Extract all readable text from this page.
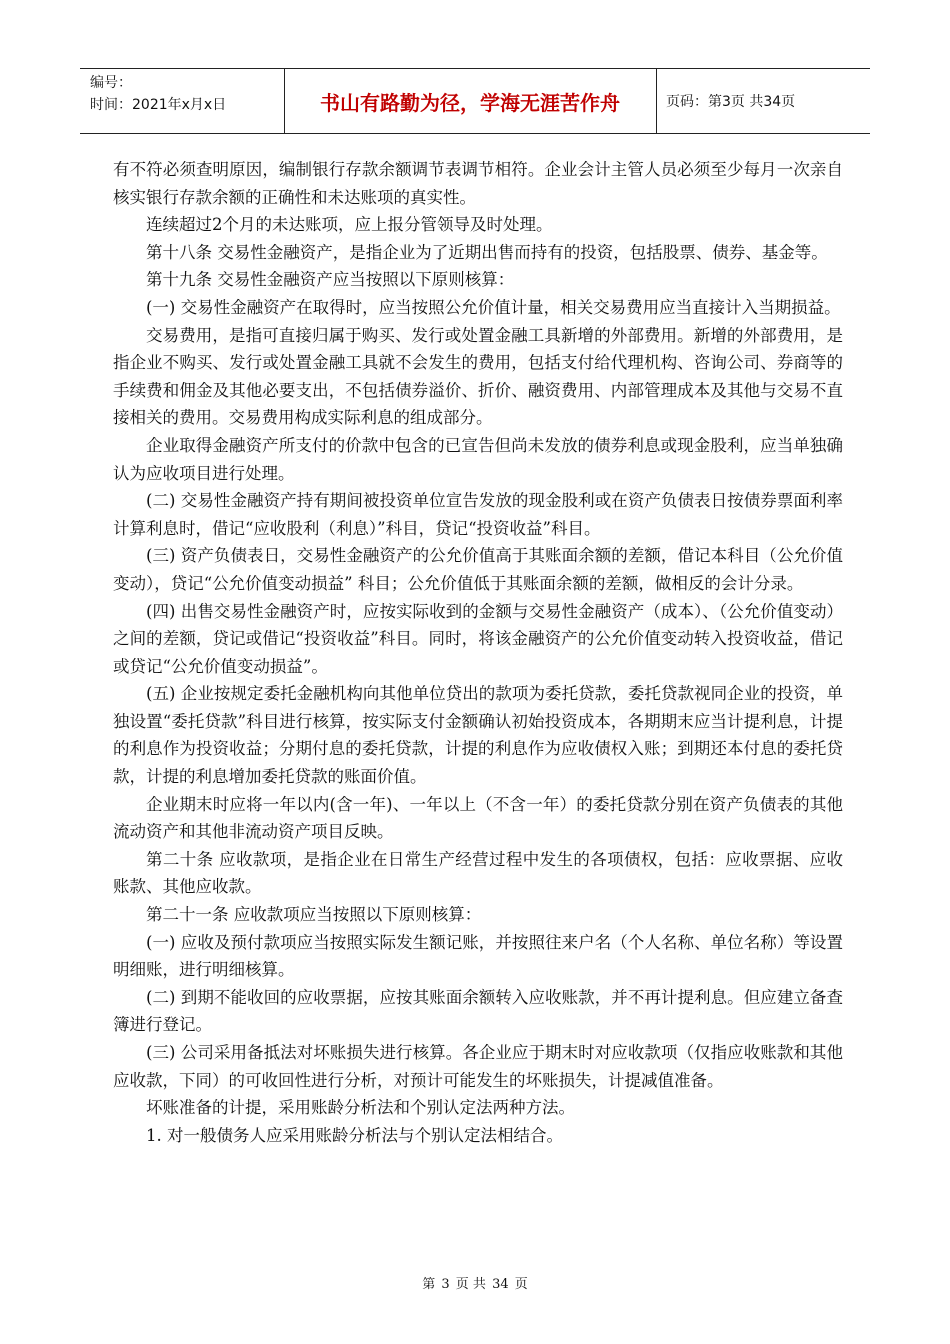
编号：
时间：2021年x月x日	书山有路勤为径，学海无涯苦作舟	页码：第3页 共34页

有不符必须查明原因，编制银行存款余额调节表调节相符。企业会计主管人员必须至少每月一次亲自核实银行存款余额的正确性和未达账项的真实性。

连续超过2个月的未达账项，应上报分管领导及时处理。

第十八条 交易性金融资产，是指企业为了近期出售而持有的投资，包括股票、债券、基金等。

第十九条 交易性金融资产应当按照以下原则核算：

(一) 交易性金融资产在取得时，应当按照公允价值计量，相关交易费用应当直接计入当期损益。

交易费用，是指可直接归属于购买、发行或处置金融工具新增的外部费用。新增的外部费用，是指企业不购买、发行或处置金融工具就不会发生的费用，包括支付给代理机构、咨询公司、券商等的手续费和佣金及其他必要支出，不包括债券溢价、折价、融资费用、内部管理成本及其他与交易不直接相关的费用。交易费用构成实际利息的组成部分。

企业取得金融资产所支付的价款中包含的已宣告但尚未发放的债券利息或现金股利，应当单独确认为应收项目进行处理。

(二) 交易性金融资产持有期间被投资单位宣告发放的现金股利或在资产负债表日按债券票面利率计算利息时，借记“应收股利（利息）”科目，贷记“投资收益”科目。

(三) 资产负债表日，交易性金融资产的公允价值高于其账面余额的差额，借记本科目（公允价值变动），贷记“公允价值变动损益” 科目；公允价值低于其账面余额的差额，做相反的会计分录。

(四) 出售交易性金融资产时，应按实际收到的金额与交易性金融资产（成本）、（公允价值变动）之间的差额，贷记或借记“投资收益”科目。同时，将该金融资产的公允价值变动转入投资收益，借记或贷记“公允价值变动损益”。

(五) 企业按规定委托金融机构向其他单位贷出的款项为委托贷款，委托贷款视同企业的投资，单独设置“委托贷款”科目进行核算，按实际支付金额确认初始投资成本，各期期末应当计提利息，计提的利息作为投资收益；分期付息的委托贷款，计提的利息作为应收债权入账；到期还本付息的委托贷款，计提的利息增加委托贷款的账面价值。

企业期末时应将一年以内(含一年)、一年以上（不含一年）的委托贷款分别在资产负债表的其他流动资产和其他非流动资产项目反映。

第二十条 应收款项，是指企业在日常生产经营过程中发生的各项债权，包括：应收票据、应收账款、其他应收款。

第二十一条 应收款项应当按照以下原则核算：

(一) 应收及预付款项应当按照实际发生额记账，并按照往来户名（个人名称、单位名称）等设置明细账，进行明细核算。

(二) 到期不能收回的应收票据，应按其账面余额转入应收账款，并不再计提利息。但应建立备查簿进行登记。

(三) 公司采用备抵法对坏账损失进行核算。各企业应于期末时对应收款项（仅指应收账款和其他应收款，下同）的可收回性进行分析，对预计可能发生的坏账损失，计提减值准备。

坏账准备的计提，采用账龄分析法和个别认定法两种方法。

1. 对一般债务人应采用账龄分析法与个别认定法相结合。

第 3 页 共 34 页
